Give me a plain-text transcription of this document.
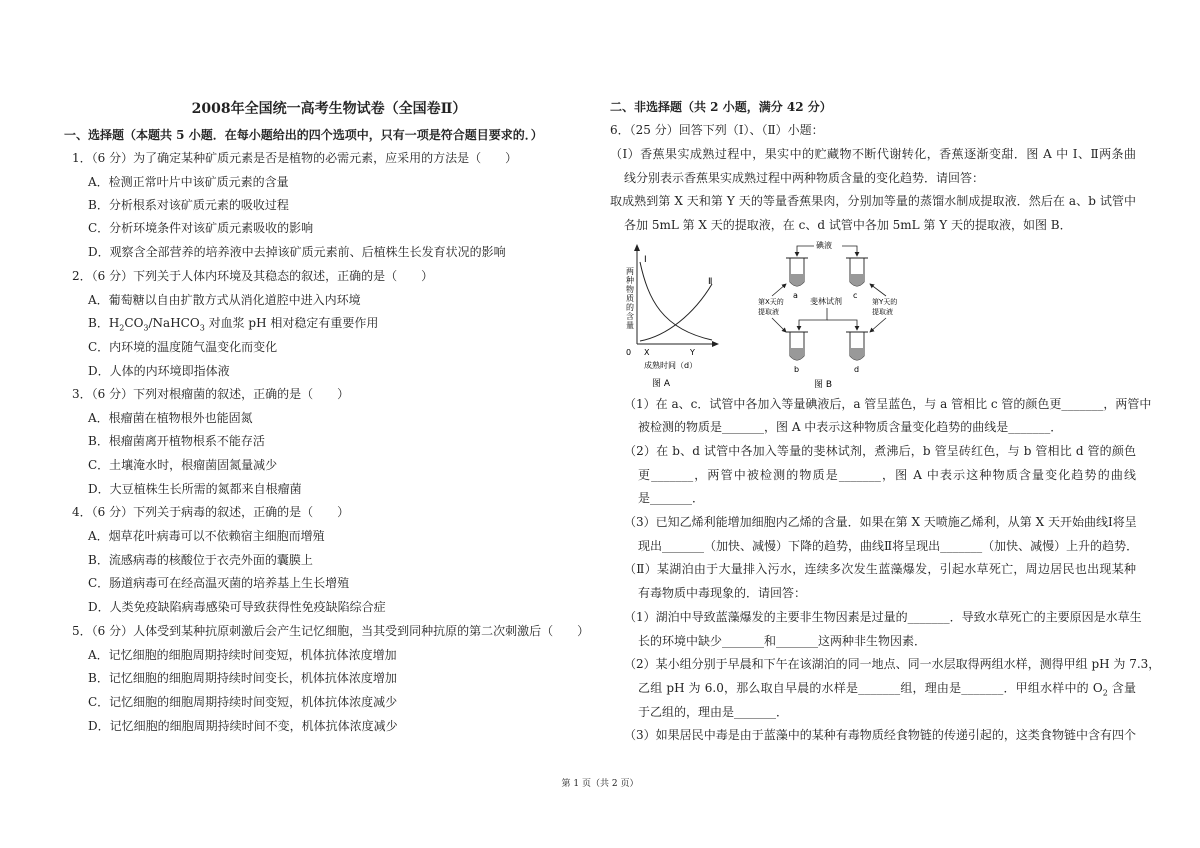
2008年全国统一高考生物试卷（全国卷Ⅱ）
一、选择题（本题共 5 小题．在每小题给出的四个选项中，只有一项是符合题目要求的．）
1．（6 分）为了确定某种矿质元素是否是植物的必需元素，应采用的方法是（　　）
A．检测正常叶片中该矿质元素的含量
B．分析根系对该矿质元素的吸收过程
C．分析环境条件对该矿质元素吸收的影响
D．观察含全部营养的培养液中去掉该矿质元素前、后植株生长发育状况的影响
2．（6 分）下列关于人体内环境及其稳态的叙述，正确的是（　　）
A．葡萄糖以自由扩散方式从消化道腔中进入内环境
B．$H_2CO_3/NaHCO_3$ 对血浆 pH 相对稳定有重要作用
C．内环境的温度随气温变化而变化
D．人体的内环境即指体液
3．（6 分）下列对根瘤菌的叙述，正确的是（　　）
A．根瘤菌在植物根外也能固氮
B．根瘤菌离开植物根系不能存活
C．土壤淹水时，根瘤菌固氮量减少
D．大豆植株生长所需的氮都来自根瘤菌
4．（6 分）下列关于病毒的叙述，正确的是（　　）
A．烟草花叶病毒可以不依赖宿主细胞而增殖
B．流感病毒的核酸位于衣壳外面的囊膜上
C．肠道病毒可在经高温灭菌的培养基上生长增殖
D．人类免疫缺陷病毒感染可导致获得性免疫缺陷综合症
5．（6 分）人体受到某种抗原刺激后会产生记忆细胞，当其受到同种抗原的第二次刺激后（　　）
A．记忆细胞的细胞周期持续时间变短，机体抗体浓度增加
B．记忆细胞的细胞周期持续时间变长，机体抗体浓度增加
C．记忆细胞的细胞周期持续时间变短，机体抗体浓度减少
D．记忆细胞的细胞周期持续时间不变，机体抗体浓度减少
二、非选择题（共 2 小题，满分 42 分）
6．（25 分）回答下列（Ⅰ）、（Ⅱ）小题：
（Ⅰ）香蕉果实成熟过程中，果实中的贮藏物不断代谢转化，香蕉逐渐变甜．图 A 中 Ⅰ、Ⅱ两条曲
线分别表示香蕉果实成熟过程中两种物质含量的变化趋势．请回答：
取成熟到第 X 天和第 Y 天的等量香蕉果肉，分别加等量的蒸馏水制成提取液．然后在 a、b 试管中
各加 5mL 第 X 天的提取液，在 c、d 试管中各加 5mL 第 Y 天的提取液，如图 B．
（1）在 a、c．试管中各加入等量碘液后，a 管呈蓝色，与 a 管相比 c 管的颜色更_______，两管中
被检测的物质是_______，图 A 中表示这种物质含量变化趋势的曲线是_______．
（2）在 b、d 试管中各加入等量的斐林试剂，煮沸后，b 管呈砖红色，与 b 管相比 d 管的颜色
更_______，两管中被检测的物质是_______，图 A 中表示这种物质含量变化趋势的曲线
是_______．
（3）已知乙烯利能增加细胞内乙烯的含量．如果在第 X 天喷施乙烯利，从第 X 天开始曲线Ⅰ将呈
现出_______（加快、减慢）下降的趋势，曲线Ⅱ将呈现出_______（加快、减慢）上升的趋势．
（Ⅱ）某湖泊由于大量排入污水，连续多次发生蓝藻爆发，引起水草死亡，周边居民也出现某种
有毒物质中毒现象的．请回答：
（1）湖泊中导致蓝藻爆发的主要非生物因素是过量的_______．导致水草死亡的主要原因是水草生
长的环境中缺少_______和_______这两种非生物因素．
（2）某小组分别于早晨和下午在该湖泊的同一地点、同一水层取得两组水样，测得甲组 pH 为 7.3，
乙组 pH 为 6.0，那么取自早晨的水样是_______组，理由是_______．甲组水样中的 $O_2$ 含量
于乙组的，理由是_______．
（3）如果居民中毒是由于蓝藻中的某种有毒物质经食物链的传递引起的，这类食物链中含有四个
两
种
物
质
的
含
量
Ⅰ
Ⅱ
0 X	Y
成熟时间（d）
图 A
碘液
a	c
第X天的
提取液
第Y天的
提取液
斐林试剂
b	d
图 B
第 1 页（共 2 页）
